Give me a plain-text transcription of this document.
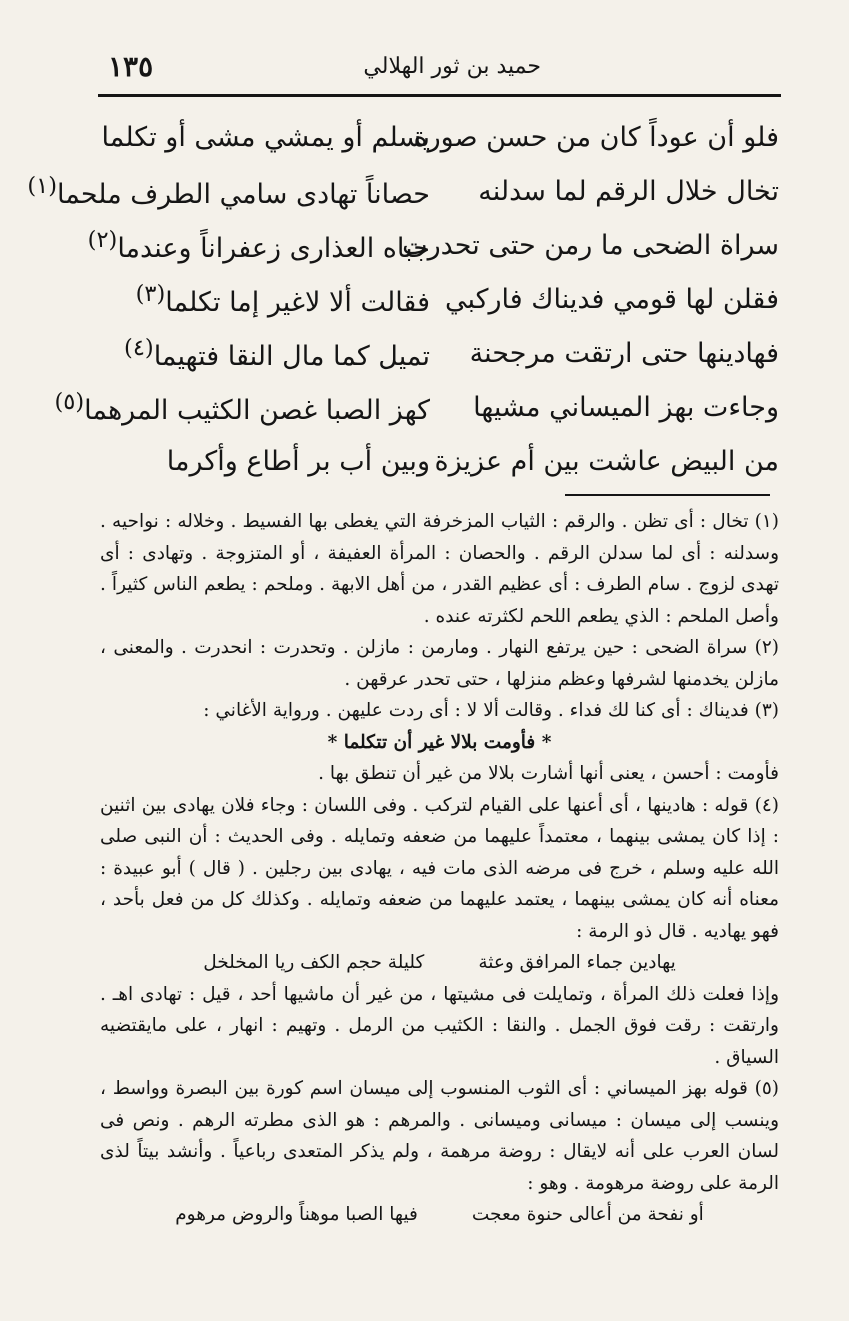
١٣٥	حميد بن ثور الهلالي
فلو أن عوداً كان من حسن صورة
يسلم أو يمشي مشى أو تكلما
تخال خلال الرقم لما سدلنه
حصاناً تهادى سامي الطرف ملحما$^{(١)}$
سراة الضحى ما رمن حتى تحدرت
جباه العذارى زعفراناً وعندما$^{(٢)}$
فقلن لها قومي فديناك فاركبي
فقالت ألا لاغير إما تكلما$^{(٣)}$
فهادينها حتى ارتقت مرجحنة
تميل كما مال النقا فتهيما$^{(٤)}$
وجاءت بهز الميساني مشيها
كهز الصبا غصن الكثيب المرهما$^{(٥)}$
من البيض عاشت بين أم عزيزة
وبين أب بر أطاع وأكرما

(١) تخال : أى تظن . والرقم : الثياب المزخرفة التي يغطى بها الفسيط . وخلاله : نواحيه . وسدلنه : أى لما سدلن الرقم . والحصان : المرأة العفيفة ، أو المتزوجة . وتهادى : أى تهدى لزوج . سام الطرف : أى عظيم القدر ، من أهل الابهة . وملحم : يطعم الناس كثيراً . وأصل الملحم : الذي يطعم اللحم لكثرته عنده .

(٢) سراة الضحى : حين يرتفع النهار . ومارمن : مازلن . وتحدرت : انحدرت . والمعنى ، مازلن يخدمنها لشرفها وعظم منزلها ، حتى تحدر عرقهن .

(٣) فديناك : أى كنا لك فداء . وقالت ألا لا : أى ردت عليهن . ورواية الأغاني :

* فأومت بلالا غير أن تتكلما *

فأومت : أحسن ، يعنى أنها أشارت بلالا من غير أن تنطق بها .

(٤) قوله : هادينها ، أى أعنها على القيام لتركب . وفى اللسان : وجاء فلان يهادى بين اثنين : إذا كان يمشى بينهما ، معتمداً عليهما من ضعفه وتمايله . وفى الحديث : أن النبى صلى الله عليه وسلم ، خرج فى مرضه الذى مات فيه ، يهادى بين رجلين . ( قال ) أبو عبيدة : معناه أنه كان يمشى بينهما ، يعتمد عليهما من ضعفه وتمايله . وكذلك كل من فعل بأحد ، فهو يهاديه . قال ذو الرمة :

يهادين جماء المرافق وعثة
كليلة حجم الكف ريا المخلخل

وإذا فعلت ذلك المرأة ، وتمايلت فى مشيتها ، من غير أن ماشيها أحد ، قيل : تهادى اهـ . وارتقت : رقت فوق الجمل . والنقا : الكثيب من الرمل . وتهيم : انهار ، على مايقتضيه السياق .

(٥) قوله بهز الميساني : أى الثوب المنسوب إلى ميسان اسم كورة بين البصرة وواسط ، وينسب إلى ميسان : ميسانى وميسانى . والمرهم : هو الذى مطرته الرهم . ونص فى لسان العرب على أنه لايقال : روضة مرهمة ، ولم يذكر المتعدى رباعياً . وأنشد بيتاً لذى الرمة على روضة مرهومة . وهو :

أو نفحة من أعالى حنوة معجت
فيها الصبا موهناً والروض مرهوم
